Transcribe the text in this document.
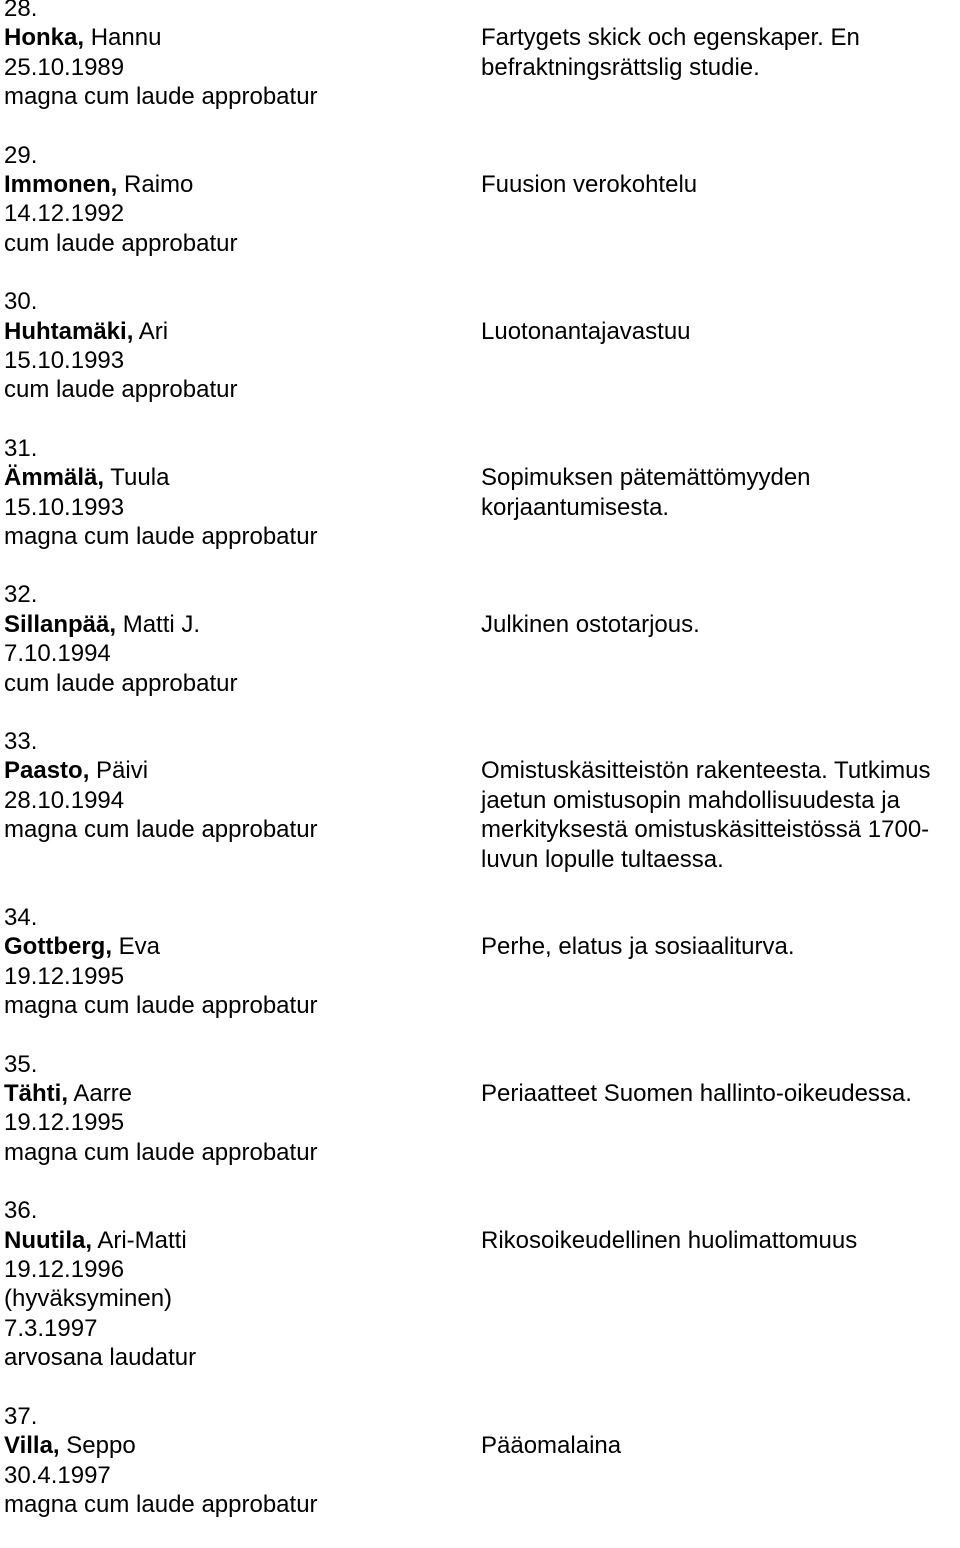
28.
Honka, Hannu
25.10.1989
magna cum laude approbatur
Fartygets skick och egenskaper. En
befraktningsrättslig studie.
29.
Immonen, Raimo
14.12.1992
cum laude approbatur
Fuusion verokohtelu
30.
Huhtamäki, Ari
15.10.1993
cum laude approbatur
Luotonantajavastuu
31.
Ämmälä, Tuula
15.10.1993
magna cum laude approbatur
Sopimuksen pätemättömyyden
korjaantumisesta.
32.
Sillanpää, Matti J.
7.10.1994
cum laude approbatur
Julkinen ostotarjous.
33.
Paasto, Päivi
28.10.1994
magna cum laude approbatur
Omistuskäsitteistön rakenteesta. Tutkimus
jaetun omistusopin mahdollisuudesta ja
merkityksestä omistuskäsitteistössä 1700-
luvun lopulle tultaessa.
34.
Gottberg, Eva
19.12.1995
magna cum laude approbatur
Perhe, elatus ja sosiaaliturva.
35.
Tähti, Aarre
19.12.1995
magna cum laude approbatur
Periaatteet Suomen hallinto-oikeudessa.
36.
Nuutila, Ari-Matti
19.12.1996
(hyväksyminen)
7.3.1997
arvosana laudatur
Rikosoikeudellinen huolimattomuus
37.
Villa, Seppo
30.4.1997
magna cum laude approbatur
Pääomalaina
